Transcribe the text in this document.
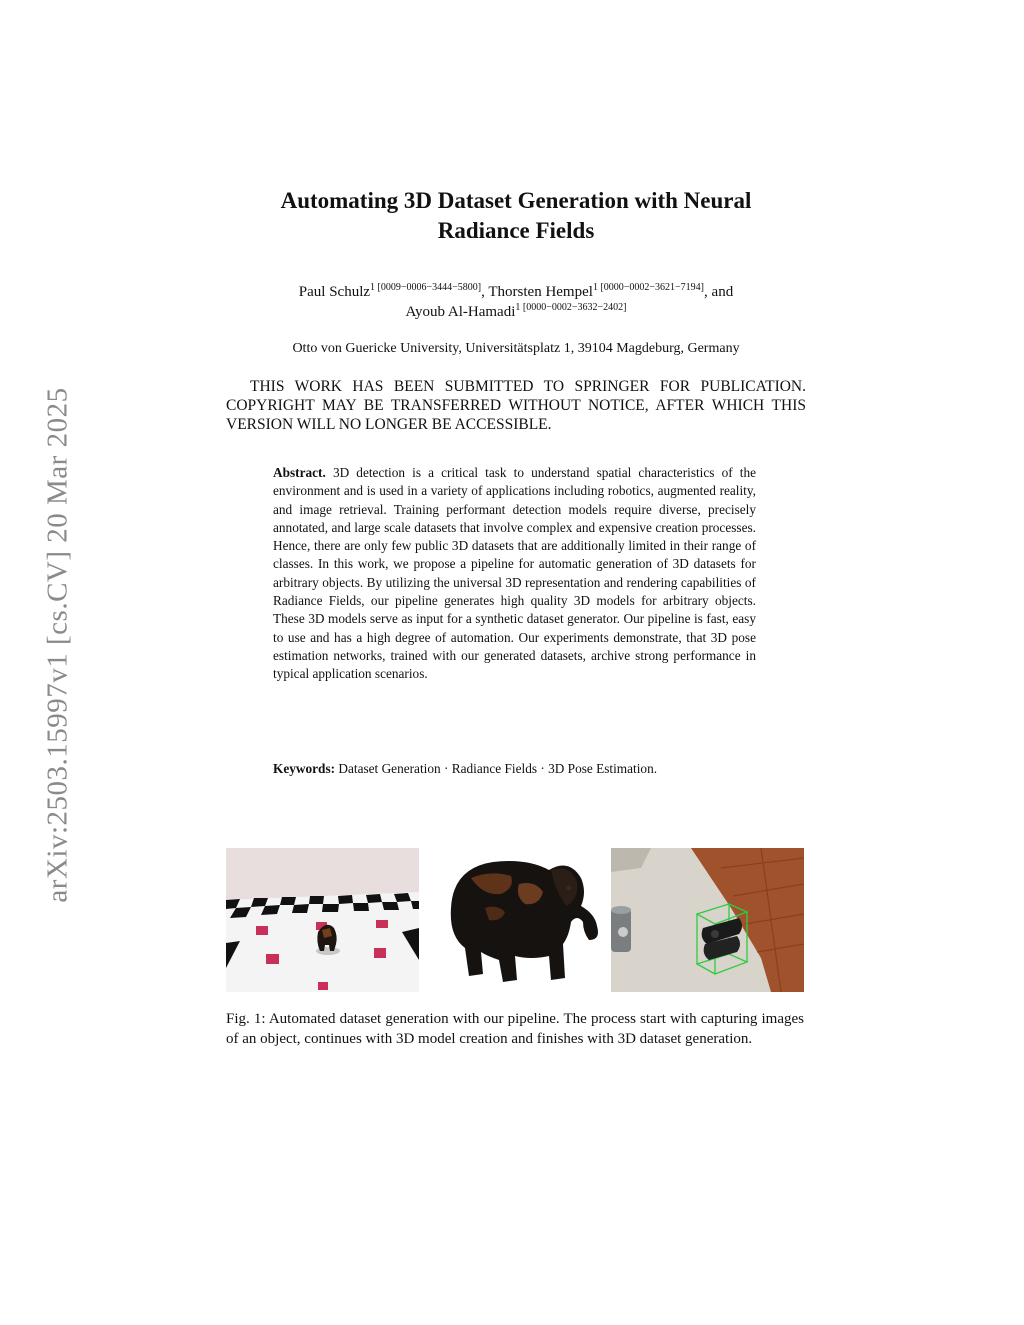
arXiv:2503.15997v1 [cs.CV] 20 Mar 2025
Automating 3D Dataset Generation with Neural
Radiance Fields
Paul Schulz$^{1 [0009-0006-3444-5800]}$, Thorsten Hempel$^{1 [0000-0002-3621-7194]}$, and
Ayoub Al-Hamadi$^{1 [0000-0002-3632-2402]}$
Otto von Guericke University, Universitätsplatz 1, 39104 Magdeburg, Germany
THIS WORK HAS BEEN SUBMITTED TO SPRINGER FOR PUBLICATION. COPYRIGHT MAY BE TRANSFERRED WITHOUT NOTICE, AFTER WHICH THIS VERSION WILL NO LONGER BE ACCESSIBLE.
Abstract. 3D detection is a critical task to understand spatial characteristics of the environment and is used in a variety of applications including robotics, augmented reality, and image retrieval. Training performant detection models require diverse, precisely annotated, and large scale datasets that involve complex and expensive creation processes. Hence, there are only few public 3D datasets that are additionally limited in their range of classes. In this work, we propose a pipeline for automatic generation of 3D datasets for arbitrary objects. By utilizing the universal 3D representation and rendering capabilities of Radiance Fields, our pipeline generates high quality 3D models for arbitrary objects. These 3D models serve as input for a synthetic dataset generator. Our pipeline is fast, easy to use and has a high degree of automation. Our experiments demonstrate, that 3D pose estimation networks, trained with our generated datasets, archive strong performance in typical application scenarios.
Keywords: Dataset Generation · Radiance Fields · 3D Pose Estimation.
Fig. 1: Automated dataset generation with our pipeline. The process start with capturing images of an object, continues with 3D model creation and finishes with 3D dataset generation.
